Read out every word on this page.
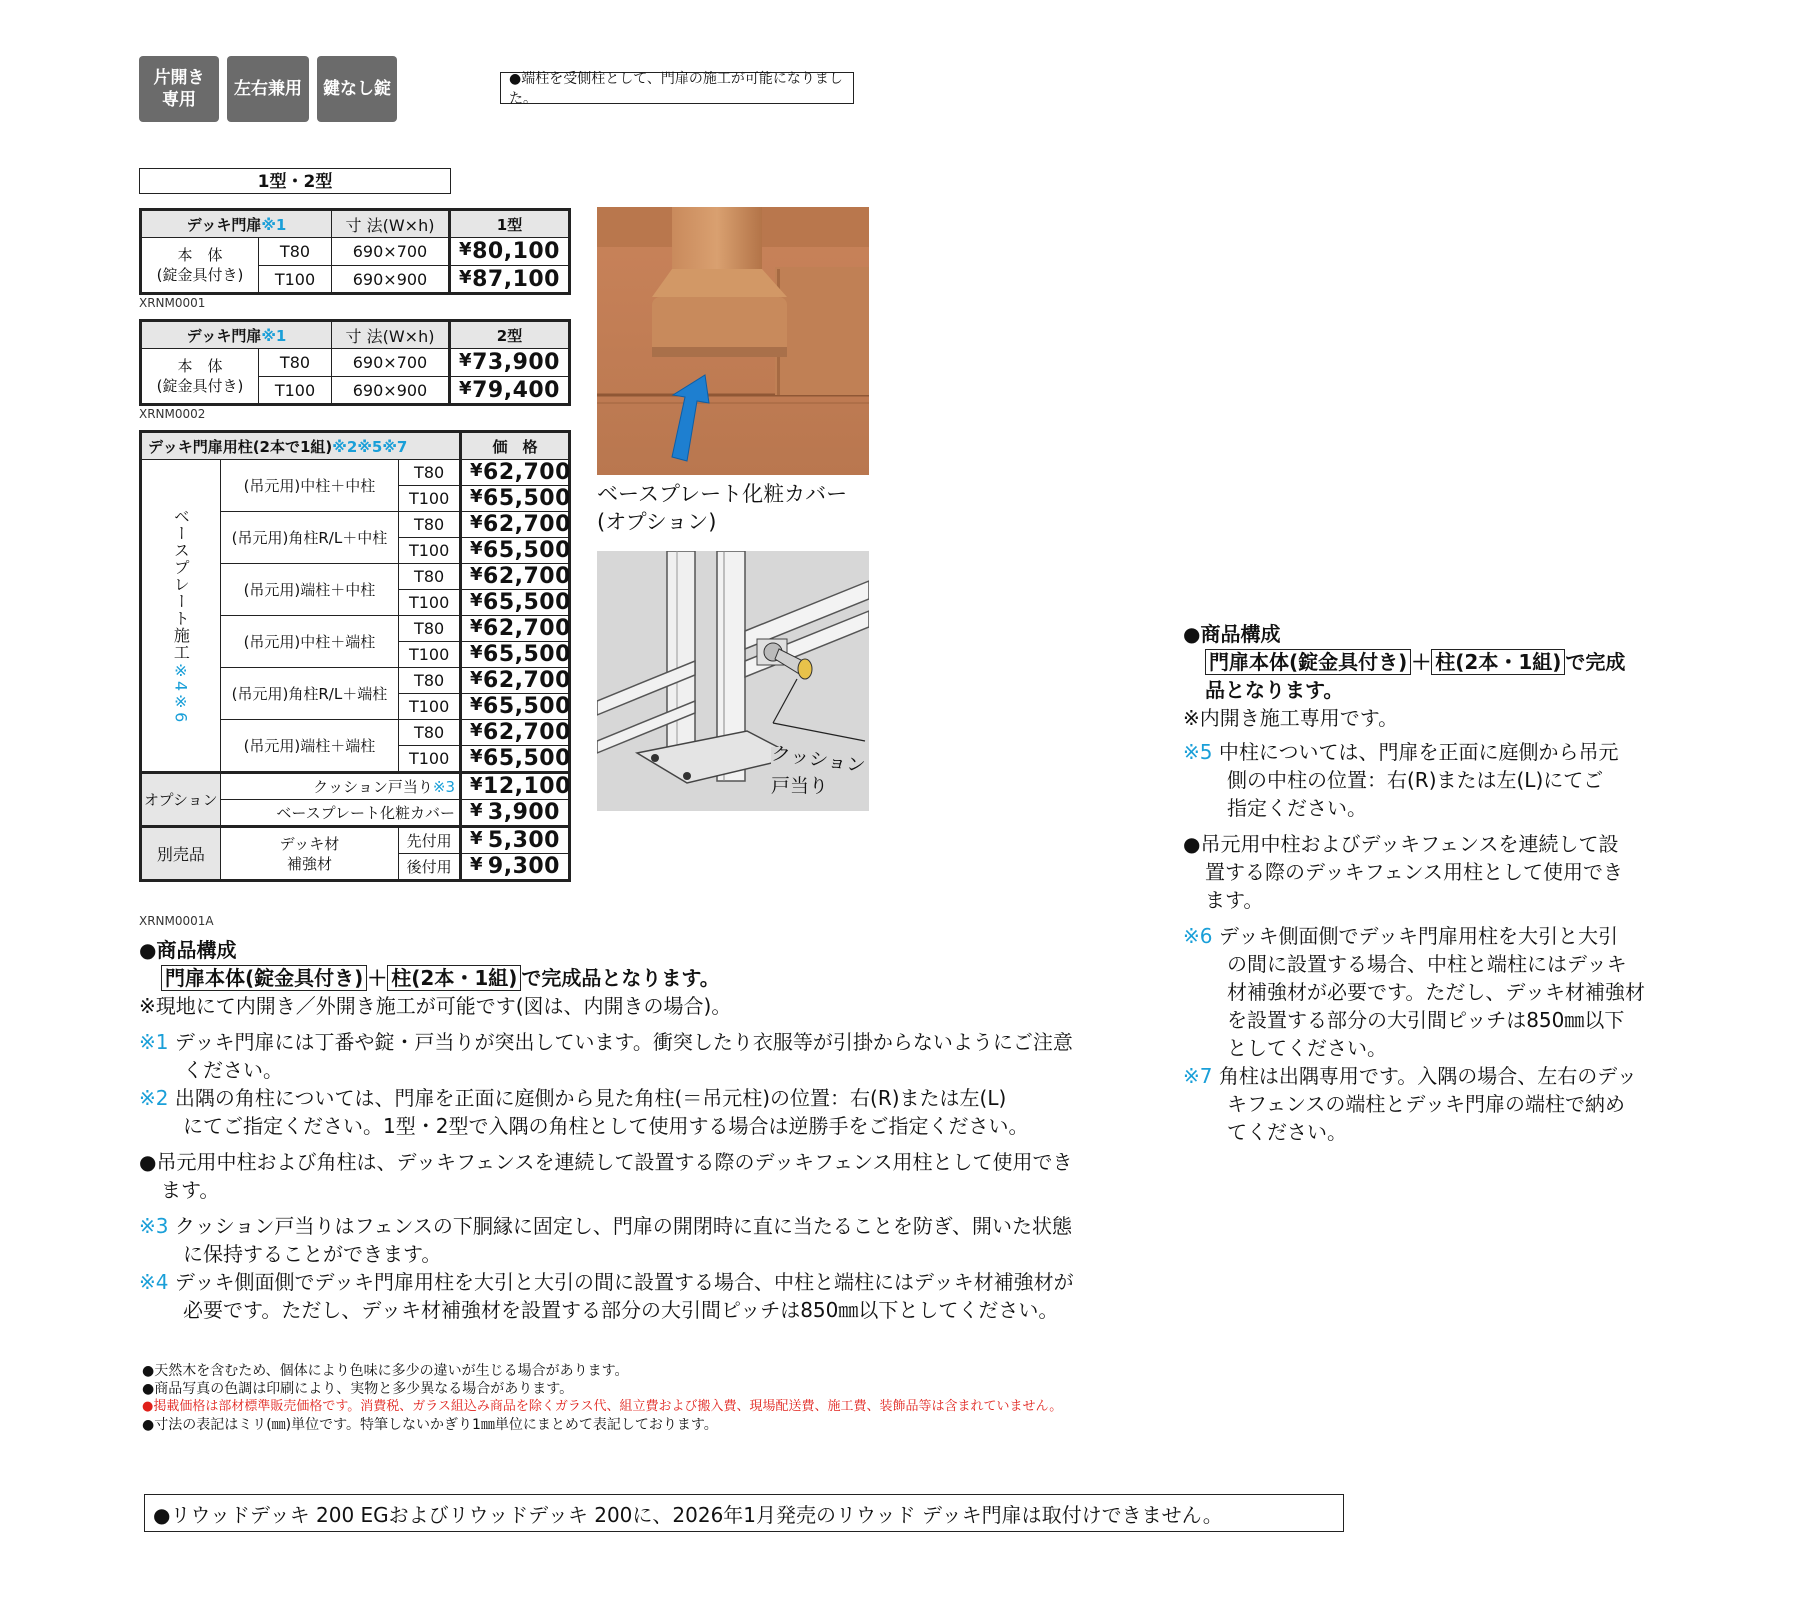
片開き専用
左右兼用 鍵なし錠	●端柱を受側柱として、門扉の施工が可能になりました。
1型・2型
デッキ門扉※1		寸 法(W×h)	1型
本　体
(錠金具付き)	T80	690×700	¥ 80,100
	T100	690×900	¥ 87,100
XRNM0001
デッキ門扉※1		寸 法(W×h)	2型
本　体
(錠金具付き)	T80	690×700	¥ 73,900
	T100	690×900	¥ 79,400
XRNM0002
デッキ門扉用柱(2本で1組)※2※5※7			価　格

ベースプレート施工※4※6	(吊元用)中柱＋中柱	T80	¥ 62,700
		T100	¥ 65,500
	(吊元用)角柱R/L＋中柱	T80	¥ 62,700
		T100	¥ 65,500
	(吊元用)端柱＋中柱	T80	¥ 62,700
		T100	¥ 65,500
	(吊元用)中柱＋端柱	T80	¥ 62,700
		T100	¥ 65,500
	(吊元用)角柱R/L＋端柱	T80	¥ 62,700
		T100	¥ 65,500
	(吊元用)端柱＋端柱	T80	¥ 62,700
		T100	¥ 65,500
オプション	クッション戸当り※3		¥ 12,100
	ベースプレート化粧カバー		¥ 3,900
別売品	デッキ材
補強材	先付用	¥ 5,300
		後付用	¥ 9,300
XRNM0001A
ベースプレート化粧カバー
(オプション)
クッション
戸当り
●商品構成
門扉本体(錠金具付き) ＋ 柱(2本・1組) で完成品となります。
※現地にて内開き／外開き施工が可能です(図は、内開きの場合)。
※1 デッキ門扉には丁番や錠・戸当りが突出しています。衝突したり衣服等が引掛からないようにご注意
ください。
※2 出隅の角柱については、門扉を正面に庭側から見た角柱(＝吊元柱)の位置：右(R)または左(L)
にてご指定ください。1型・2型で入隅の角柱として使用する場合は逆勝手をご指定ください。
●吊元用中柱および角柱は、デッキフェンスを連続して設置する際のデッキフェンス用柱として使用でき
ます。
※3 クッション戸当りはフェンスの下胴縁に固定し、門扉の開閉時に直に当たることを防ぎ、開いた状態
に保持することができます。
※4 デッキ側面側でデッキ門扉用柱を大引と大引の間に設置する場合、中柱と端柱にはデッキ材補強材が
必要です。ただし、デッキ材補強材を設置する部分の大引間ピッチは850㎜以下としてください。
●商品構成
門扉本体(錠金具付き) ＋ 柱(2本・1組) で完成
品となります。
※内開き施工専用です。
※5 中柱については、門扉を正面に庭側から吊元
側の中柱の位置：右(R)または左(L)にてご
指定ください。
●吊元用中柱およびデッキフェンスを連続して設
置する際のデッキフェンス用柱として使用でき
ます。
※6 デッキ側面側でデッキ門扉用柱を大引と大引
の間に設置する場合、中柱と端柱にはデッキ
材補強材が必要です。ただし、デッキ材補強材
を設置する部分の大引間ピッチは850㎜以下
としてください。
※7 角柱は出隅専用です。入隅の場合、左右のデッ
キフェンスの端柱とデッキ門扉の端柱で納め
てください。
●天然木を含むため、個体により色味に多少の違いが生じる場合があります。
●商品写真の色調は印刷により、実物と多少異なる場合があります。
●掲載価格は部材標準販売価格です。消費税、ガラス組込み商品を除くガラス代、組立費および搬入費、現場配送費、施工費、装飾品等は含まれていません。
●寸法の表記はミリ(㎜)単位です。特筆しないかぎり1㎜単位にまとめて表記しております。
●リウッドデッキ 200 EGおよびリウッドデッキ 200に、2026年1月発売のリウッド デッキ門扉は取付けできません。
